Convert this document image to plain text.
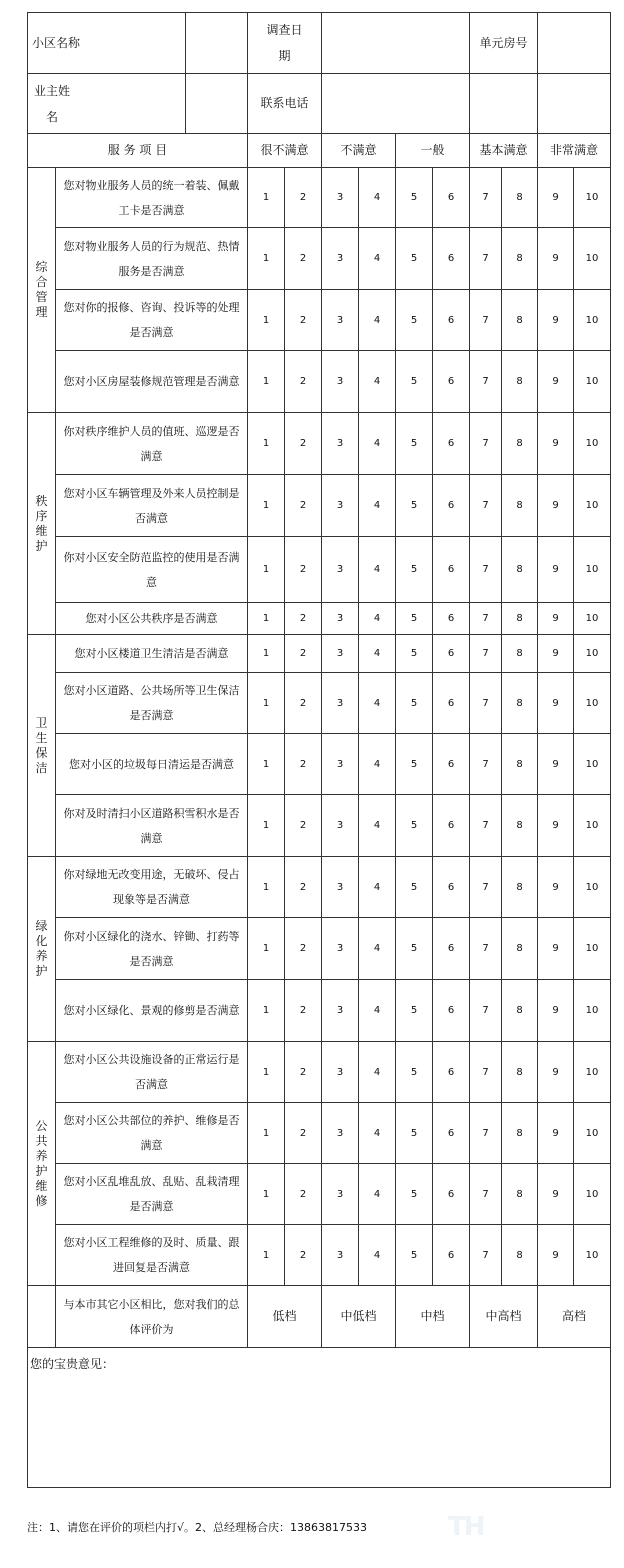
小区名称			调查日期						单元房号			
业主姓名			联系电话									
服 务 项 目			很不满意		不满意		一般		基本满意		非常满意	

综合管理	您对物业服务人员的统一着装、佩戴工卡是否满意		1	2	3	4	5	6	7	8	9	10
	您对物业服务人员的行为规范、热情服务是否满意		1	2	3	4	5	6	7	8	9	10
	您对你的报修、咨询、投诉等的处理是否满意		1	2	3	4	5	6	7	8	9	10
	您对小区房屋装修规范管理是否满意		1	2	3	4	5	6	7	8	9	10

秩序维护	你对秩序维护人员的值班、巡逻是否满意		1	2	3	4	5	6	7	8	9	10
	您对小区车辆管理及外来人员控制是否满意		1	2	3	4	5	6	7	8	9	10
	你对小区安全防范监控的使用是否满意		1	2	3	4	5	6	7	8	9	10
	您对小区公共秩序是否满意		1	2	3	4	5	6	7	8	9	10

卫生保洁	您对小区楼道卫生清洁是否满意		1	2	3	4	5	6	7	8	9	10
	您对小区道路、公共场所等卫生保洁是否满意		1	2	3	4	5	6	7	8	9	10
	您对小区的垃圾每日清运是否满意		1	2	3	4	5	6	7	8	9	10
	你对及时清扫小区道路积雪积水是否满意		1	2	3	4	5	6	7	8	9	10

绿化养护	你对绿地无改变用途，无破坏、侵占现象等是否满意		1	2	3	4	5	6	7	8	9	10
	你对小区绿化的浇水、锌锄、打药等是否满意		1	2	3	4	5	6	7	8	9	10
	您对小区绿化、景观的修剪是否满意		1	2	3	4	5	6	7	8	9	10

公共养护维修	您对小区公共设施设备的正常运行是否满意		1	2	3	4	5	6	7	8	9	10
	您对小区公共部位的养护、维修是否满意		1	2	3	4	5	6	7	8	9	10
	您对小区乱堆乱放、乱贴、乱栽清理是否满意		1	2	3	4	5	6	7	8	9	10
	您对小区工程维修的及时、质量、跟进回复是否满意		1	2	3	4	5	6	7	8	9	10
	与本市其它小区相比，您对我们的总体评价为		低档		中低档		中档		中高档		高档	
您的宝贵意见：												
注：1、请您在评价的项栏内打√。2、总经理杨合庆：13863817533	TH
